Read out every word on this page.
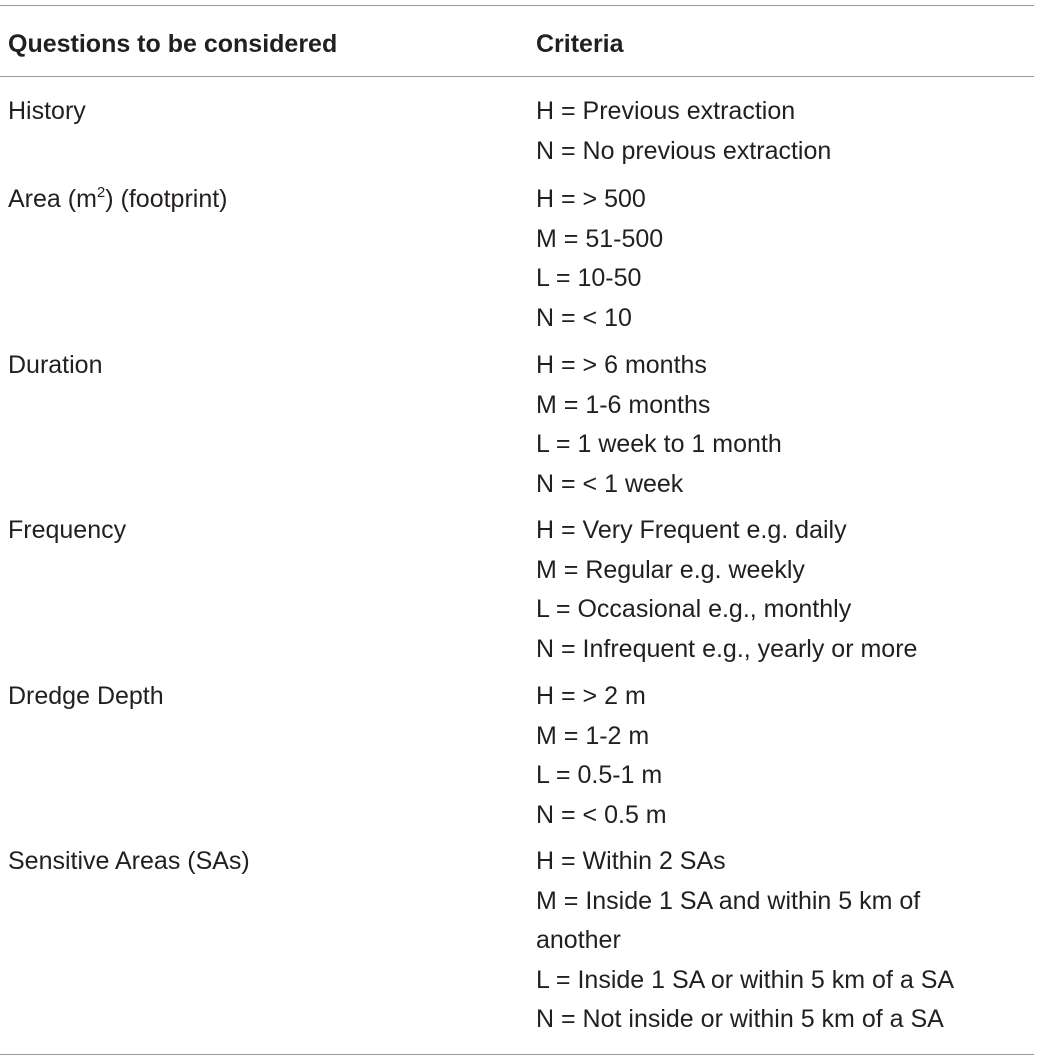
Questions to be considered	Criteria
History	H = Previous extraction
N = No previous extraction
Area $(m^2)$ (footprint)	H = > 500
M = 51-500
L = 10-50
N = < 10
Duration	H = > 6 months
M = 1-6 months
L = 1 week to 1 month
N = < 1 week
Frequency	H = Very Frequent e.g. daily
M = Regular e.g. weekly
L = Occasional e.g., monthly
N = Infrequent e.g., yearly or more
Dredge Depth	H = > 2 m
M = 1-2 m
L = 0.5-1 m
N = < 0.5 m
Sensitive Areas (SAs)	H = Within 2 SAs
M = Inside 1 SA and within 5 km of
another
L = Inside 1 SA or within 5 km of a SA
N = Not inside or within 5 km of a SA
